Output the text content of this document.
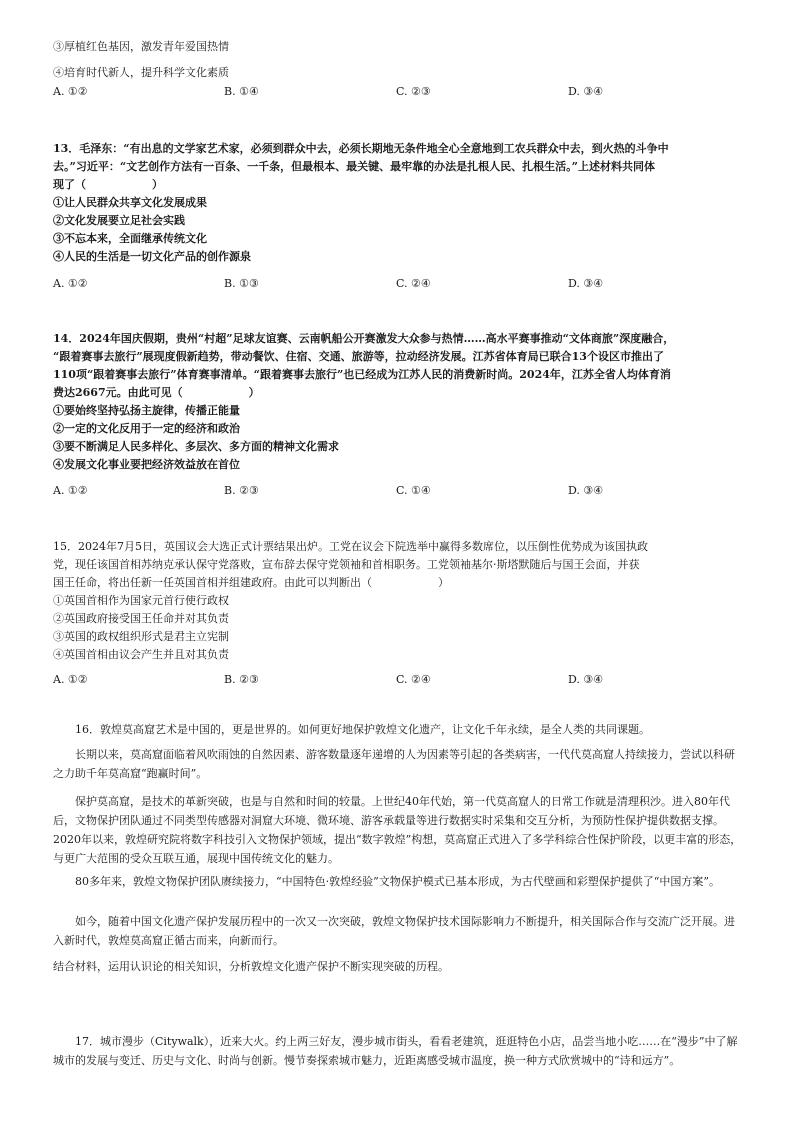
③厚植红色基因，激发青年爱国热情
④培育时代新人，提升科学文化素质
A. ①②	B. ①④	C. ②③	D. ③④
13．毛泽东：“有出息的文学家艺术家，必须到群众中去，必须长期地无条件地全心全意地到工农兵群众中去，到火热的斗争中
去。”习近平：“文艺创作方法有一百条、一千条，但最根本、最关键、最牢靠的办法是扎根人民、扎根生活。”上述材料共同体
现了（　　　　　　）
①让人民群众共享文化发展成果
②文化发展要立足社会实践
③不忘本来，全面继承传统文化
④人民的生活是一切文化产品的创作源泉
A. ①②	B. ①③	C. ②④	D. ③④
14．2024年国庆假期，贵州“村超”足球友谊赛、云南帆船公开赛激发大众参与热情……高水平赛事推动“文体商旅”深度融合，
“跟着赛事去旅行”展现度假新趋势，带动餐饮、住宿、交通、旅游等，拉动经济发展。江苏省体育局已联合13个设区市推出了
110项“跟着赛事去旅行”体育赛事清单。“跟着赛事去旅行”也已经成为江苏人民的消费新时尚。2024年，江苏全省人均体育消
费达2667元。由此可见（　　　　　　）
①要始终坚持弘扬主旋律，传播正能量
②一定的文化反用于一定的经济和政治
③要不断满足人民多样化、多层次、多方面的精神文化需求
④发展文化事业要把经济效益放在首位
A. ①②	B. ②③	C. ①④	D. ③④
15．2024年7月5日，英国议会大选正式计票结果出炉。工党在议会下院选举中赢得多数席位，以压倒性优势成为该国执政
党，现任该国首相苏纳克承认保守党落败，宣布辞去保守党领袖和首相职务。工党领袖基尔·斯塔默随后与国王会面，并获
国王任命，将出任新一任英国首相并组建政府。由此可以判断出（　　　　　　）
①英国首相作为国家元首行使行政权
②英国政府接受国王任命并对其负责
③英国的政权组织形式是君主立宪制
④英国首相由议会产生并且对其负责
A. ①②	B. ②③	C. ②④	D. ③④
16．敦煌莫高窟艺术是中国的，更是世界的。如何更好地保护敦煌文化遗产，让文化千年永续，是全人类的共同课题。
长期以来，莫高窟面临着风吹雨蚀的自然因素、游客数量逐年递增的人为因素等引起的各类病害，一代代莫高窟人持续接力，尝试以科研之力助千年莫高窟“跑赢时间”。
保护莫高窟，是技术的革新突破，也是与自然和时间的较量。上世纪40年代始，第一代莫高窟人的日常工作就是清理积沙。进入80年代后，文物保护团队通过不同类型传感器对洞窟大环境、微环境、游客承载量等进行数据实时采集和交互分析，为预防性保护提供数据支撑。2020年以来，敦煌研究院将数字科技引入文物保护领域，提出“数字敦煌”构想，莫高窟正式进入了多学科综合性保护阶段，以更丰富的形态，与更广大范围的受众互联互通，展现中国传统文化的魅力。
80多年来，敦煌文物保护团队赓续接力，“中国特色·敦煌经验”文物保护模式已基本形成，为古代壁画和彩塑保护提供了“中国方案”。
如今，随着中国文化遗产保护发展历程中的一次又一次突破，敦煌文物保护技术国际影响力不断提升，相关国际合作与交流广泛开展。进入新时代，敦煌莫高窟正循古而来，向新而行。
结合材料，运用认识论的相关知识，分析敦煌文化遗产保护不断实现突破的历程。
17．城市漫步（Citywalk），近来大火。约上两三好友，漫步城市街头，看看老建筑，逛逛特色小店，品尝当地小吃……在“漫步”中了解城市的发展与变迁、历史与文化、时尚与创新。慢节奏探索城市魅力，近距离感受城市温度，换一种方式欣赏城中的“诗和远方”。
